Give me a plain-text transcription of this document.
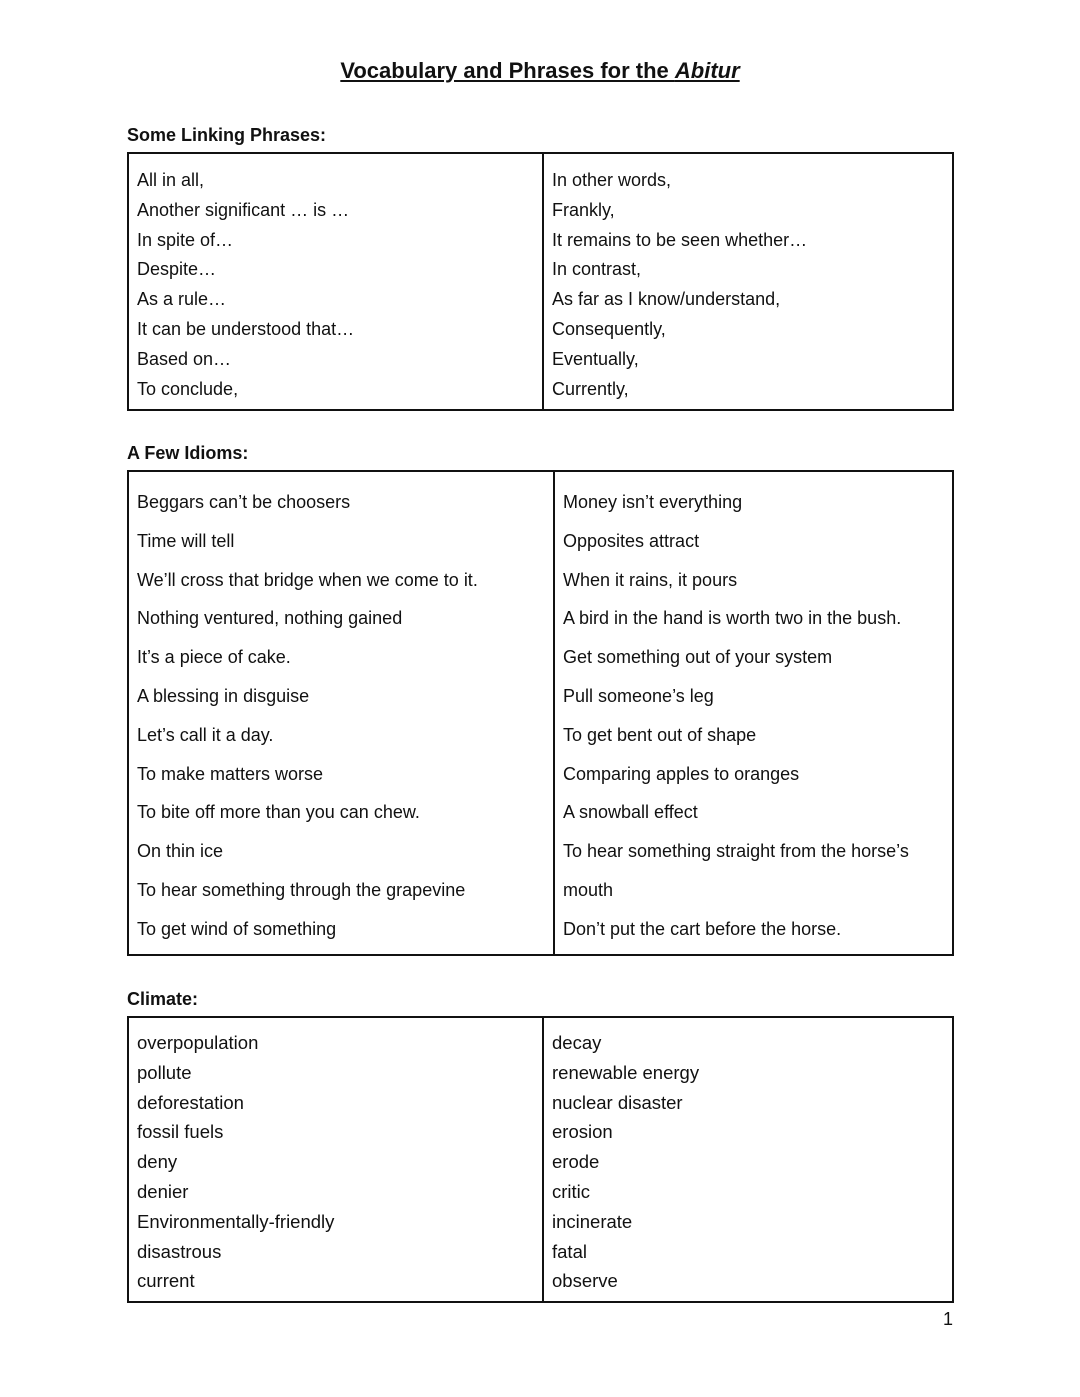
Vocabulary and Phrases for the Abitur
Some Linking Phrases:
All in all,
Another significant … is …
In spite of…
Despite…
As a rule…
It can be understood that…
Based on…
To conclude,
In other words,
Frankly,
It remains to be seen whether…
In contrast,
As far as I know/understand,
Consequently,
Eventually,
Currently,
A Few Idioms:
Beggars can’t be choosers
Time will tell
We’ll cross that bridge when we come to it.
Nothing ventured, nothing gained
It’s a piece of cake.
A blessing in disguise
Let’s call it a day.
To make matters worse
To bite off more than you can chew.
On thin ice
To hear something through the grapevine
To get wind of something
Money isn’t everything
Opposites attract
When it rains, it pours
A bird in the hand is worth two in the bush.
Get something out of your system
Pull someone’s leg
To get bent out of shape
Comparing apples to oranges
A snowball effect
To hear something straight from the horse’s
mouth
Don’t put the cart before the horse.
Climate:
overpopulation
pollute
deforestation
fossil fuels
deny
denier
Environmentally-friendly
disastrous
current
decay
renewable energy
nuclear disaster
erosion
erode
critic
incinerate
fatal
observe
1
